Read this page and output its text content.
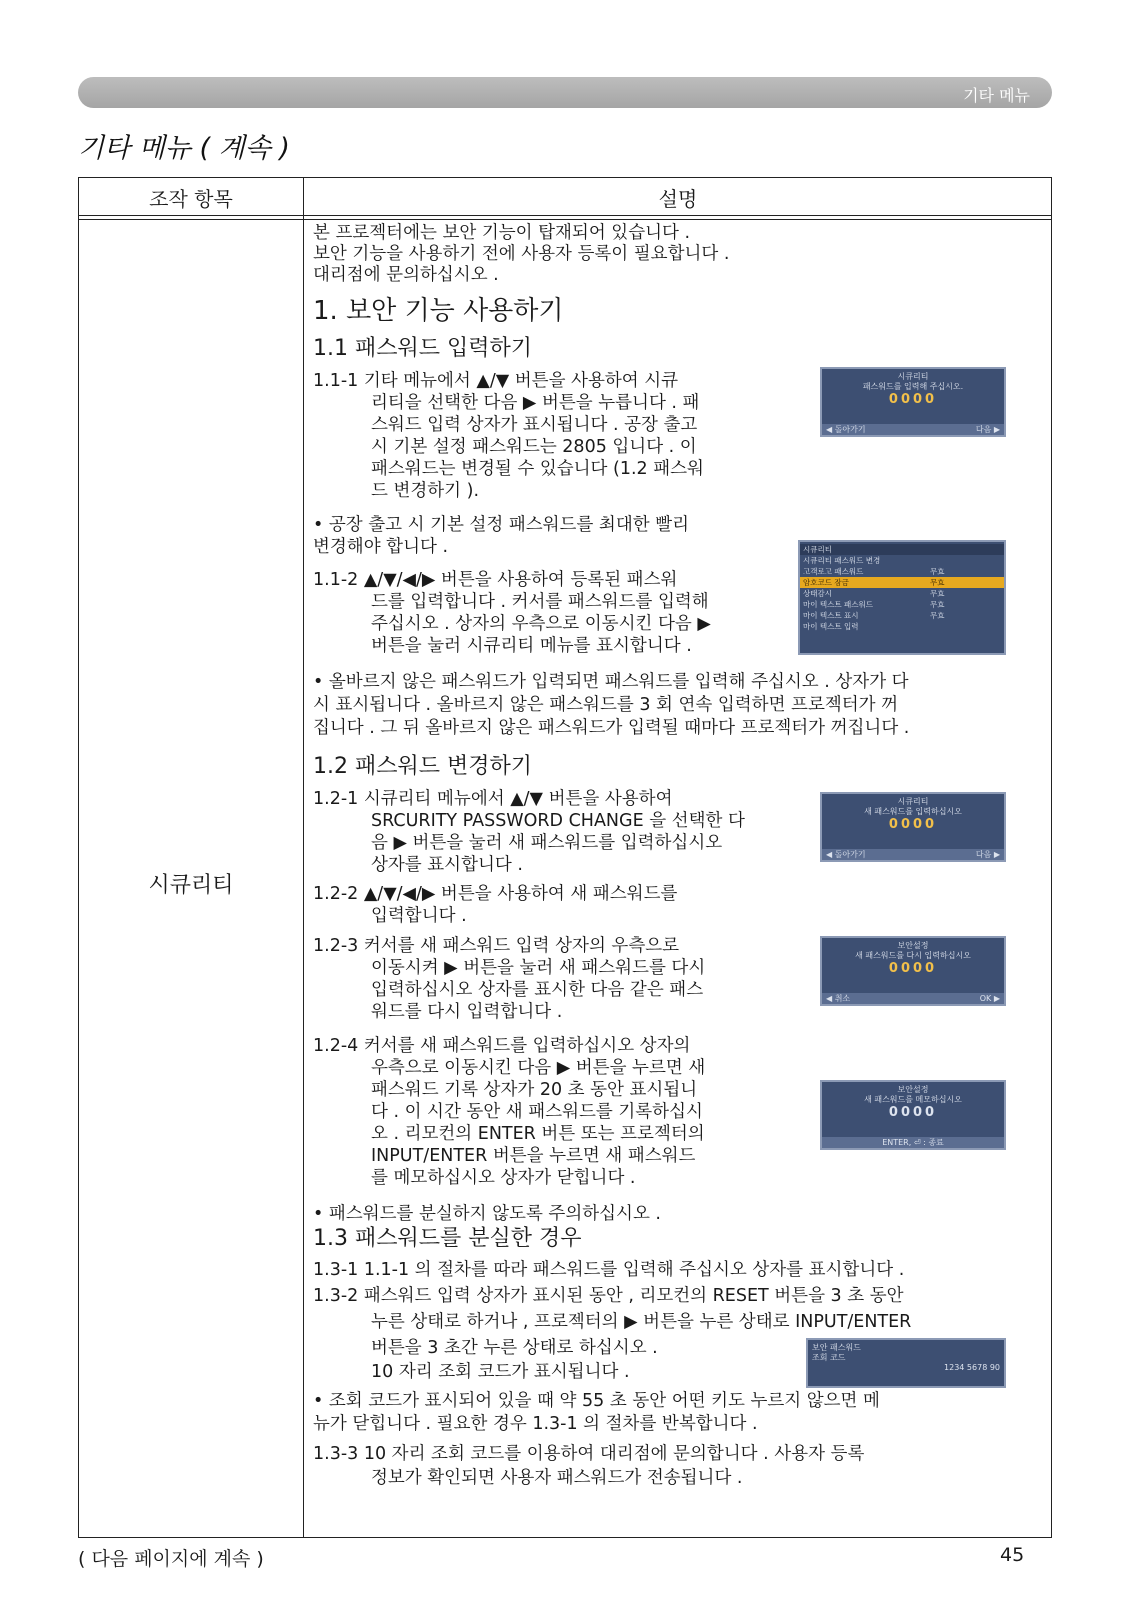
기타 메뉴
기타 메뉴 ( 계속 )
조작 항목	설명
시큐리티
본 프로젝터에는 보안 기능이 탑재되어 있습니다 .
보안 기능을 사용하기 전에 사용자 등록이 필요합니다 .
대리점에 문의하십시오 .
1. 보안 기능 사용하기
1.1 패스워드 입력하기
1.1-1 기타 메뉴에서 ▲/▼ 버튼을 사용하여 시큐
리티을 선택한 다음 ▶ 버튼을 누릅니다 . 패
스워드 입력 상자가 표시됩니다 . 공장 출고
시 기본 설정 패스워드는 2805 입니다 . 이
패스워드는 변경될 수 있습니다 (1.2 패스워
드 변경하기 ).
• 공장 출고 시 기본 설정 패스워드를 최대한 빨리
변경해야 합니다 .
1.1-2 ▲/▼/◀/▶ 버튼을 사용하여 등록된 패스워
드를 입력합니다 . 커서를 패스워드를 입력해
주십시오 . 상자의 우측으로 이동시킨 다음 ▶
버튼을 눌러 시큐리티 메뉴를 표시합니다 .
• 올바르지 않은 패스워드가 입력되면 패스워드를 입력해 주십시오 . 상자가 다
시 표시됩니다 . 올바르지 않은 패스워드를 3 회 연속 입력하면 프로젝터가 꺼
집니다 . 그 뒤 올바르지 않은 패스워드가 입력될 때마다 프로젝터가 꺼집니다 .
1.2 패스워드 변경하기
1.2-1 시큐리티 메뉴에서 ▲/▼ 버튼을 사용하여
SRCURITY PASSWORD CHANGE 을 선택한 다
음 ▶ 버튼을 눌러 새 패스워드를 입력하십시오
상자를 표시합니다 .
1.2-2 ▲/▼/◀/▶ 버튼을 사용하여 새 패스워드를
입력합니다 .
1.2-3 커서를 새 패스워드 입력 상자의 우측으로
이동시켜 ▶ 버튼을 눌러 새 패스워드를 다시
입력하십시오 상자를 표시한 다음 같은 패스
워드를 다시 입력합니다 .
1.2-4 커서를 새 패스워드를 입력하십시오 상자의
우측으로 이동시킨 다음 ▶ 버튼을 누르면 새
패스워드 기록 상자가 20 초 동안 표시됩니
다 . 이 시간 동안 새 패스워드를 기록하십시
오 . 리모컨의 ENTER 버튼 또는 프로젝터의
INPUT/ENTER 버튼을 누르면 새 패스워드
를 메모하십시오 상자가 닫힙니다 .
• 패스워드를 분실하지 않도록 주의하십시오 .
1.3 패스워드를 분실한 경우
1.3-1 1.1-1 의 절차를 따라 패스워드를 입력해 주십시오 상자를 표시합니다 .
1.3-2 패스워드 입력 상자가 표시된 동안 , 리모컨의 RESET 버튼을 3 초 동안
누른 상태로 하거나 , 프로젝터의 ▶ 버튼을 누른 상태로 INPUT/ENTER
버튼을 3 초간 누른 상태로 하십시오 .
10 자리 조회 코드가 표시됩니다 .
• 조회 코드가 표시되어 있을 때 약 55 초 동안 어떤 키도 누르지 않으면 메
뉴가 닫힙니다 . 필요한 경우 1.3-1 의 절차를 반복합니다 .
1.3-3 10 자리 조회 코드를 이용하여 대리점에 문의합니다 . 사용자 등록
정보가 확인되면 사용자 패스워드가 전송됩니다 .
시큐리티
패스워드를 입력해 주십시오.
0000
◀ 돌아가기	다음 ▶
시큐리티
시큐리티 패스워드 변경
고객로고 패스워드	무효
암호코드 잠금	무효
상태감시	무효
마이 텍스트 패스워드	무효
마이 텍스트 표시	무효
마이 텍스트 입력
시큐리티
새 패스워드를 입력하십시오
0000
◀ 돌아가기	다음 ▶
보안설정
새 패스워드를 다시 입력하십시오
0000
◀ 취소	OK ▶
보안설정
새 패스워드를 메모하십시오
0000
ENTER, ⏎ : 종료
보안 패스워드
조회 코드
1234 5678 90
( 다음 페이지에 계속 )	45
